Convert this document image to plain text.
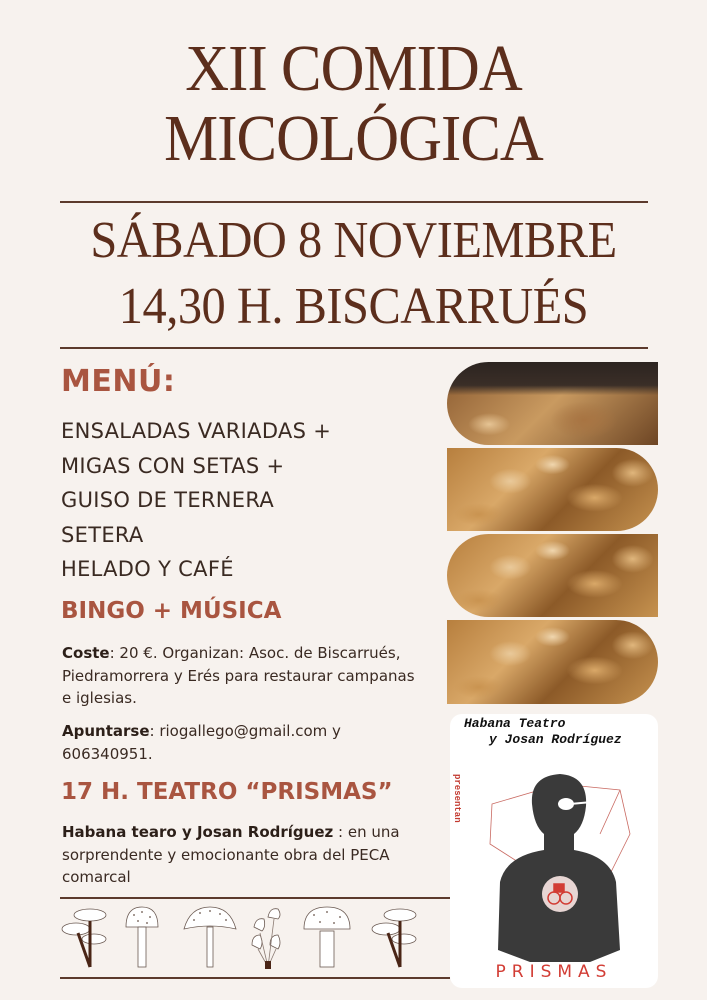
XII COMIDA
MICOLÓGICA
SÁBADO 8 NOVIEMBRE
14,30 H. BISCARRUÉS
MENÚ:
ENSALADAS VARIADAS +
MIGAS CON SETAS +
GUISO DE TERNERA
SETERA
HELADO Y CAFÉ
BINGO + MÚSICA

Coste: 20 €. Organizan: Asoc. de Biscarrués, Piedramorrera y Erés para restaurar campanas e iglesias.

Apuntarse: riogallego@gmail.com y 606340951.

17 H. TEATRO “PRISMAS”

Habana tearo y Josan Rodríguez : en una sorprendente y emocionante obra del PECA comarcal

Habana Teatro
y Josan Rodríguez
presentan
PRISMAS
